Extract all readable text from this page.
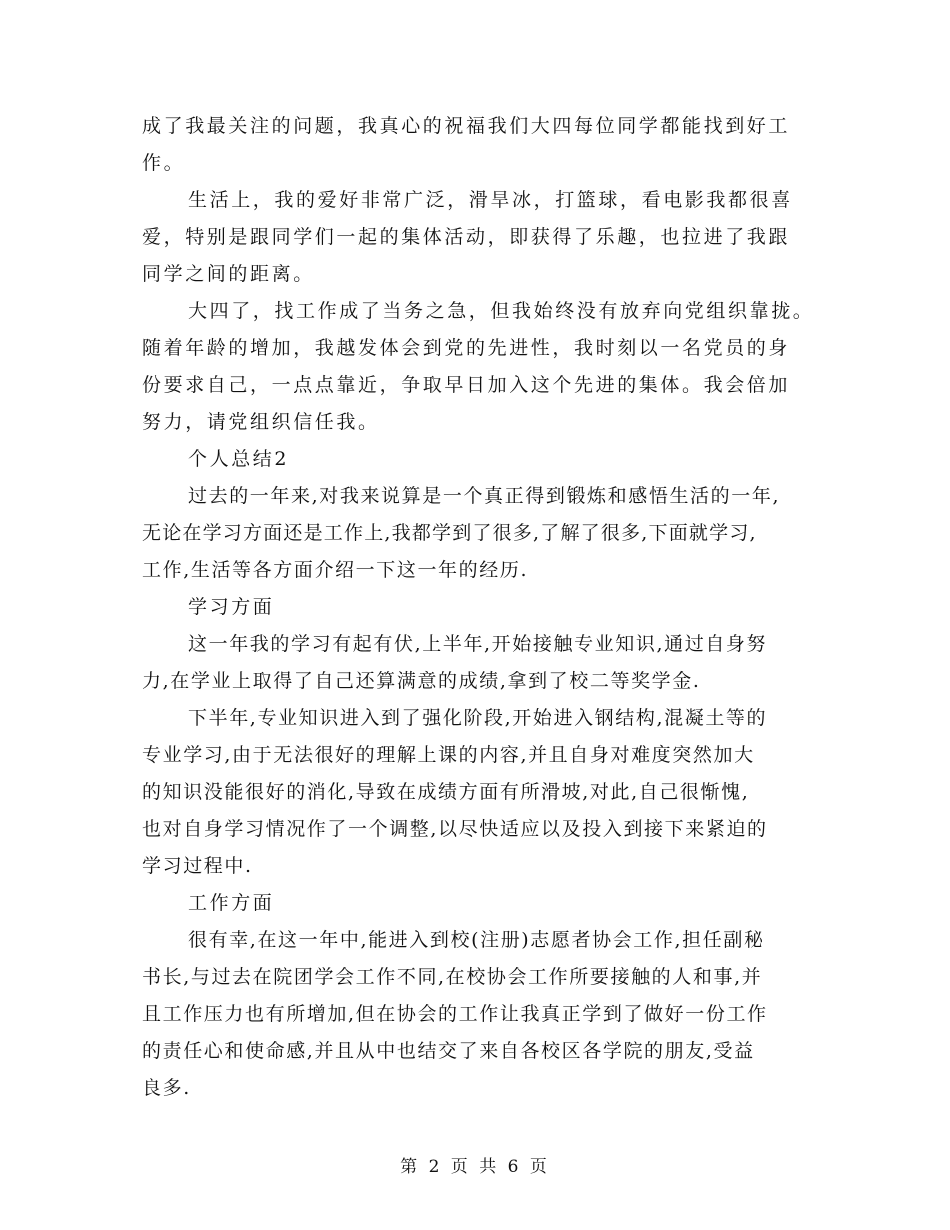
成了我最关注的问题，我真心的祝福我们大四每位同学都能找到好工
作。
生活上，我的爱好非常广泛，滑旱冰，打篮球，看电影我都很喜
爱，特别是跟同学们一起的集体活动，即获得了乐趣，也拉进了我跟
同学之间的距离。
大四了，找工作成了当务之急，但我始终没有放弃向党组织靠拢。
随着年龄的增加，我越发体会到党的先进性，我时刻以一名党员的身
份要求自己，一点点靠近，争取早日加入这个先进的集体。我会倍加
努力，请党组织信任我。
个人总结2
过去的一年来,对我来说算是一个真正得到锻炼和感悟生活的一年,
无论在学习方面还是工作上,我都学到了很多,了解了很多,下面就学习,
工作,生活等各方面介绍一下这一年的经历.
学习方面
这一年我的学习有起有伏,上半年,开始接触专业知识,通过自身努
力,在学业上取得了自己还算满意的成绩,拿到了校二等奖学金.
下半年,专业知识进入到了强化阶段,开始进入钢结构,混凝土等的
专业学习,由于无法很好的理解上课的内容,并且自身对难度突然加大
的知识没能很好的消化,导致在成绩方面有所滑坡,对此,自己很惭愧,
也对自身学习情况作了一个调整,以尽快适应以及投入到接下来紧迫的
学习过程中.
工作方面
很有幸,在这一年中,能进入到校(注册)志愿者协会工作,担任副秘
书长,与过去在院团学会工作不同,在校协会工作所要接触的人和事,并
且工作压力也有所增加,但在协会的工作让我真正学到了做好一份工作
的责任心和使命感,并且从中也结交了来自各校区各学院的朋友,受益
良多.
第 2 页 共 6 页
